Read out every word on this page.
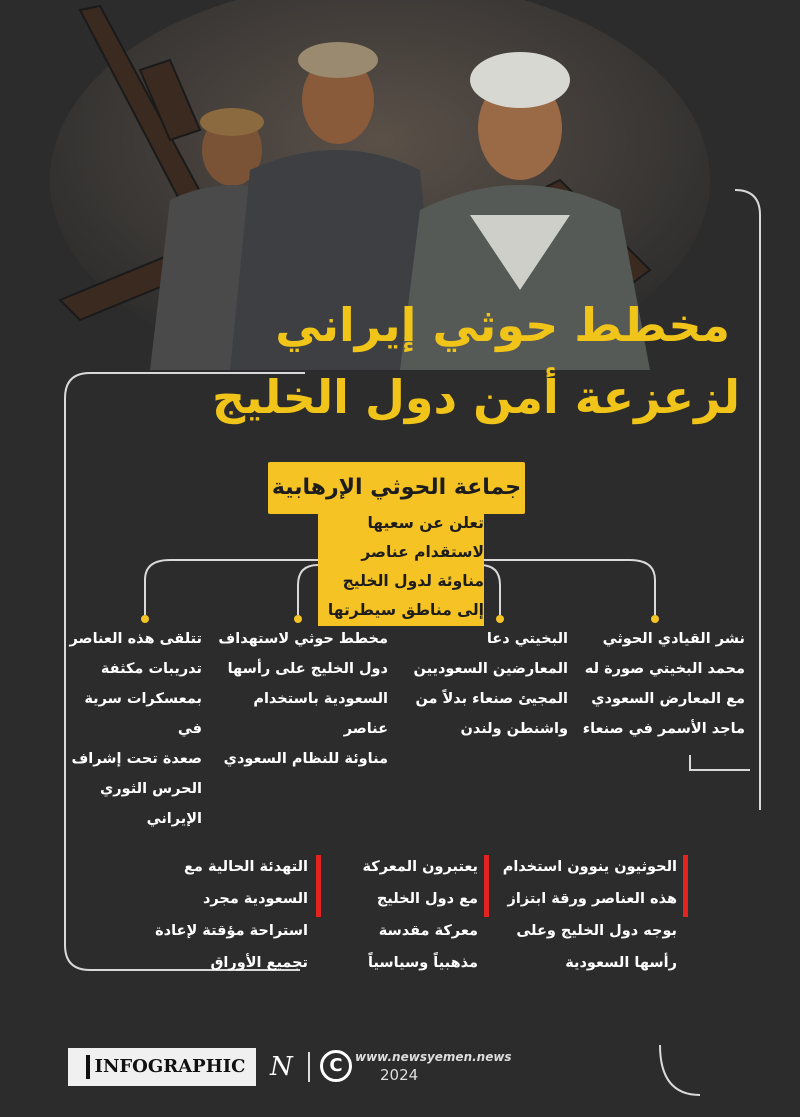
مخطط حوثي إيراني
لزعزعة أمن دول الخليج
جماعة الحوثي الإرهابية
تعلن عن سعيها
لاستقدام عناصر
مناوئة لدول الخليج
إلى مناطق سيطرتها
نشر القيادي الحوثي
محمد البخيتي صورة له
مع المعارض السعودي
ماجد الأسمر في صنعاء
البخيتي دعا
المعارضين السعوديين
المجيئ صنعاء بدلاً من
واشنطن ولندن
مخطط حوثي لاستهداف
دول الخليج على رأسها
السعودية باستخدام عناصر
مناوئة للنظام السعودي
تتلقى هذه العناصر
تدريبات مكثفة
بمعسكرات سرية في
صعدة تحت إشراف
الحرس الثوري الإيراني
الحوثيون ينوون استخدام
هذه العناصر ورقة ابتزاز
بوجه دول الخليج وعلى
رأسها السعودية
يعتبرون المعركة
مع دول الخليج
معركة مقدسة
مذهبياً وسياسياً
التهدئة الحالية مع
السعودية مجرد
استراحة مؤقتة لإعادة
تجميع الأوراق
INFOGRAPHIC N	C	www.newsyemen.news
2024
